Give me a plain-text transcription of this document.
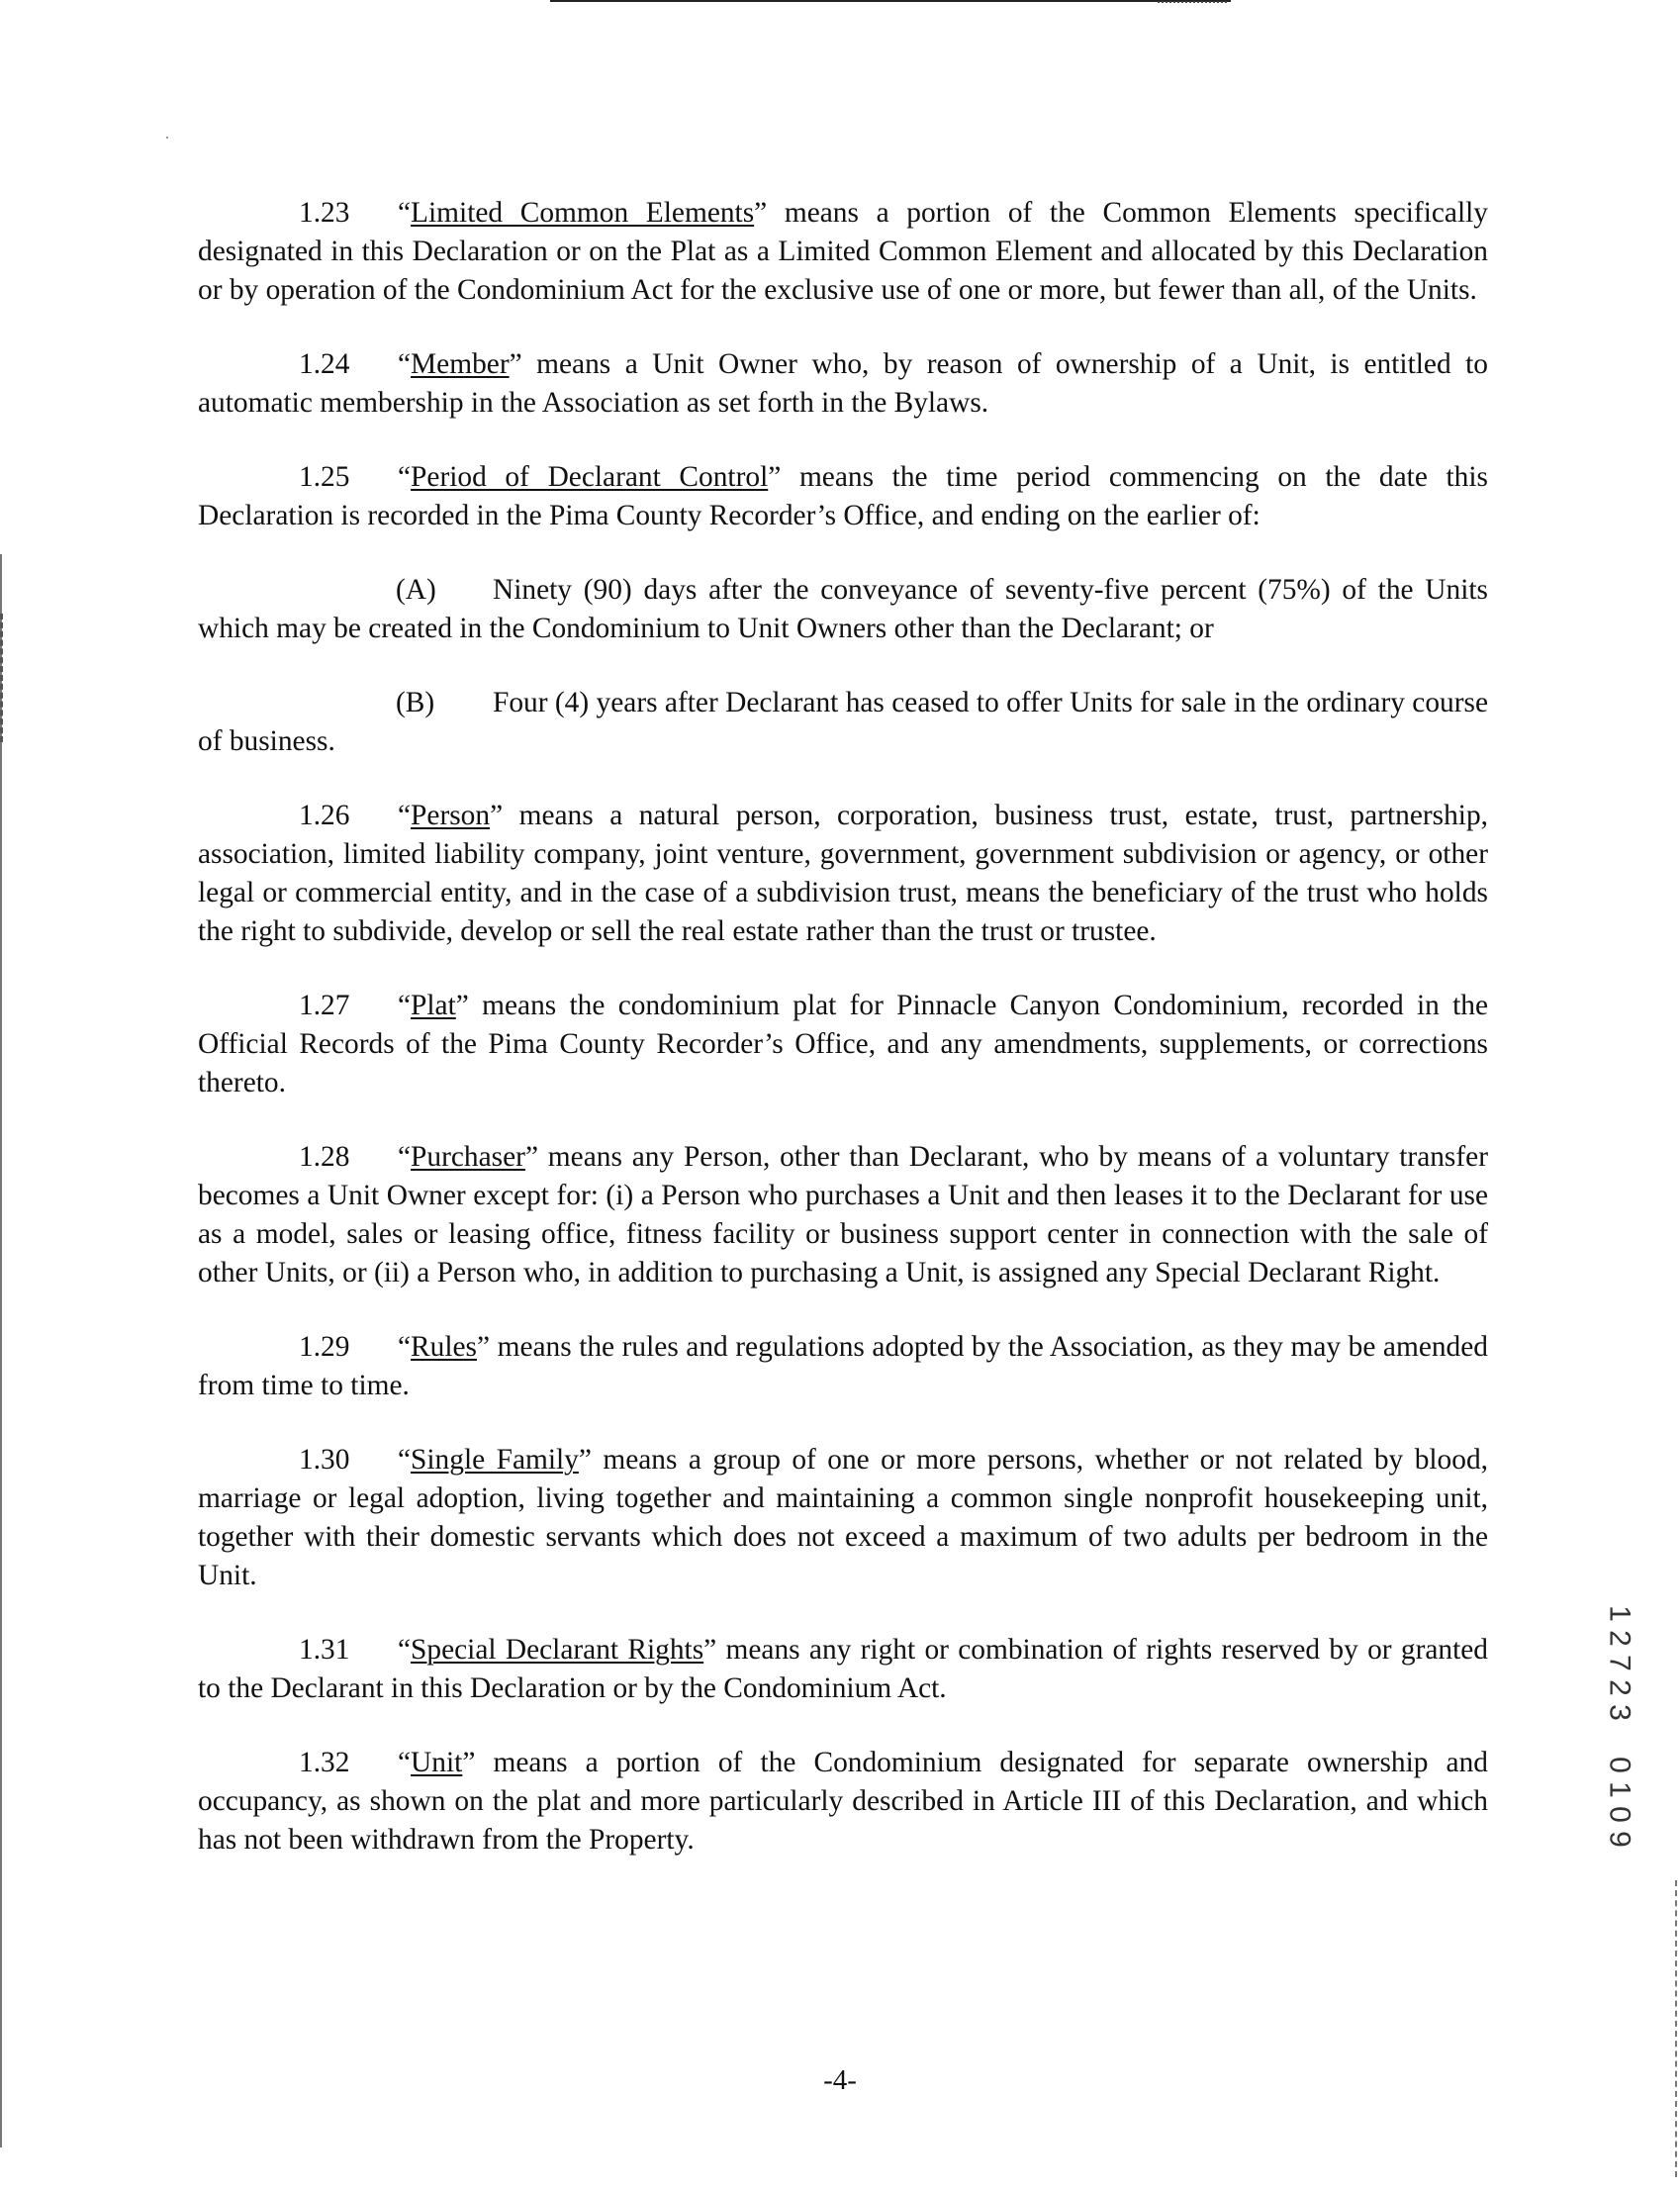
1.23 “Limited Common Elements” means a portion of the Common Elements specifically designated in this Declaration or on the Plat as a Limited Common Element and allocated by this Declaration or by operation of the Condominium Act for the exclusive use of one or more, but fewer than all, of the Units.

1.24 “Member” means a Unit Owner who, by reason of ownership of a Unit, is entitled to automatic membership in the Association as set forth in the Bylaws.

1.25 “Period of Declarant Control” means the time period commencing on the date this Declaration is recorded in the Pima County Recorder’s Office, and ending on the earlier of:

(A) Ninety (90) days after the conveyance of seventy-five percent (75%) of the Units which may be created in the Condominium to Unit Owners other than the Declarant; or

(B) Four (4) years after Declarant has ceased to offer Units for sale in the ordinary course of business.

1.26 “Person” means a natural person, corporation, business trust, estate, trust, partnership, association, limited liability company, joint venture, government, government subdivision or agency, or other legal or commercial entity, and in the case of a subdivision trust, means the beneficiary of the trust who holds the right to subdivide, develop or sell the real estate rather than the trust or trustee.

1.27 “Plat” means the condominium plat for Pinnacle Canyon Condominium, recorded in the Official Records of the Pima County Recorder’s Office, and any amendments, supplements, or corrections thereto.

1.28 “Purchaser” means any Person, other than Declarant, who by means of a voluntary transfer becomes a Unit Owner except for: (i) a Person who purchases a Unit and then leases it to the Declarant for use as a model, sales or leasing office, fitness facility or business support center in connection with the sale of other Units, or (ii) a Person who, in addition to purchasing a Unit, is assigned any Special Declarant Right.

1.29 “Rules” means the rules and regulations adopted by the Association, as they may be amended from time to time.

1.30 “Single Family” means a group of one or more persons, whether or not related by blood, marriage or legal adoption, living together and maintaining a common single nonprofit housekeeping unit, together with their domestic servants which does not exceed a maximum of two adults per bedroom in the Unit.

1.31 “Special Declarant Rights” means any right or combination of rights reserved by or granted to the Declarant in this Declaration or by the Condominium Act.

1.32 “Unit” means a portion of the Condominium designated for separate ownership and occupancy, as shown on the plat and more particularly described in Article III of this Declaration, and which has not been withdrawn from the Property.

1
2
7
2
3
0
1
0
9
-4-
